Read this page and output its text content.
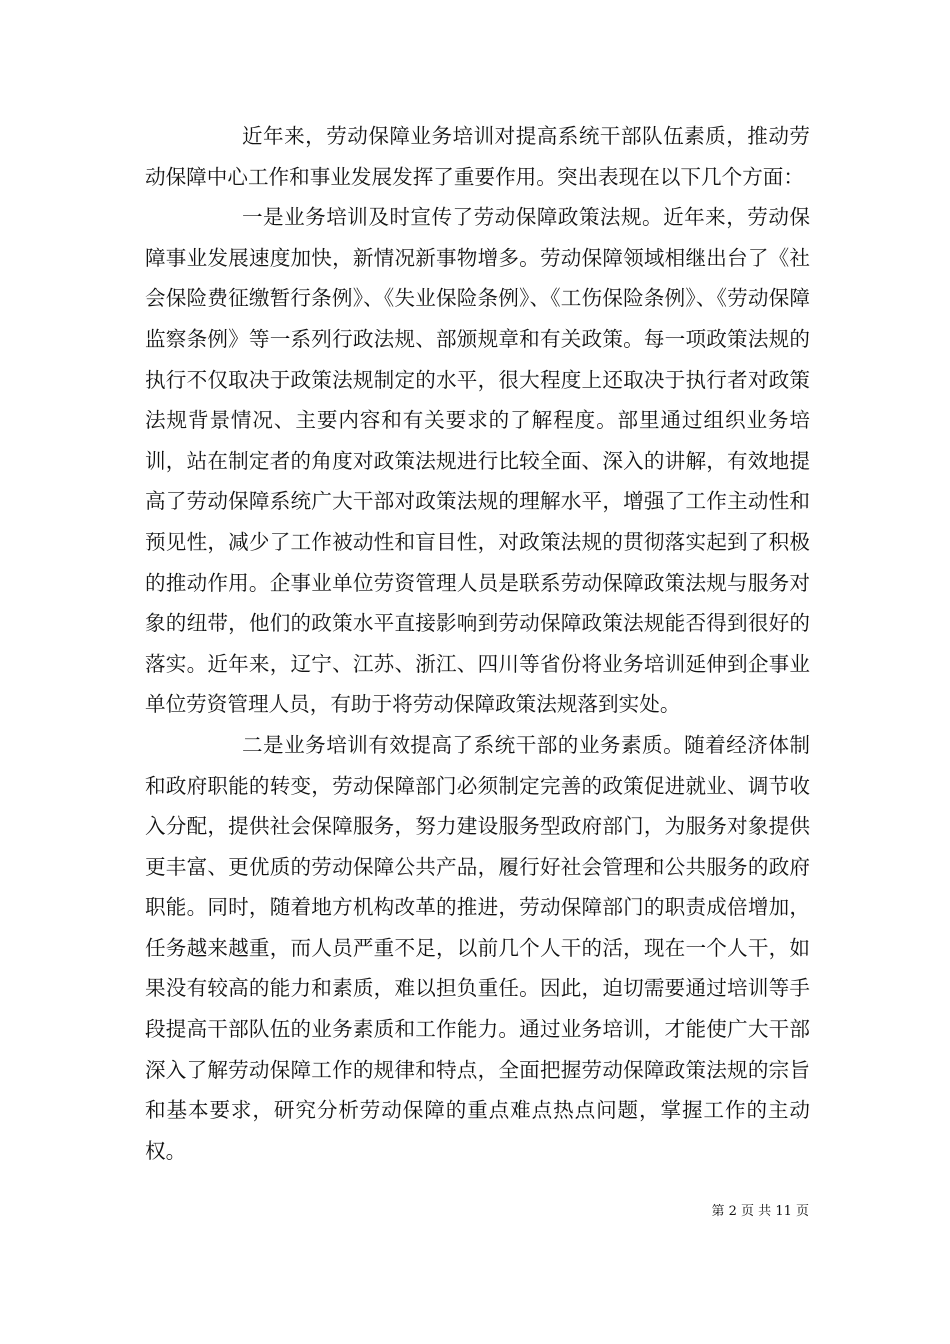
近年来，劳动保障业务培训对提高系统干部队伍素质，推动劳动保障中心工作和事业发展发挥了重要作用。突出表现在以下几个方面：

一是业务培训及时宣传了劳动保障政策法规。近年来，劳动保障事业发展速度加快，新情况新事物增多。劳动保障领域相继出台了《社会保险费征缴暂行条例》、《失业保险条例》、《工伤保险条例》、《劳动保障监察条例》等一系列行政法规、部颁规章和有关政策。每一项政策法规的执行不仅取决于政策法规制定的水平，很大程度上还取决于执行者对政策法规背景情况、主要内容和有关要求的了解程度。部里通过组织业务培训，站在制定者的角度对政策法规进行比较全面、深入的讲解，有效地提高了劳动保障系统广大干部对政策法规的理解水平，增强了工作主动性和预见性，减少了工作被动性和盲目性，对政策法规的贯彻落实起到了积极的推动作用。企事业单位劳资管理人员是联系劳动保障政策法规与服务对象的纽带，他们的政策水平直接影响到劳动保障政策法规能否得到很好的落实。近年来，辽宁、江苏、浙江、四川等省份将业务培训延伸到企事业单位劳资管理人员，有助于将劳动保障政策法规落到实处。

二是业务培训有效提高了系统干部的业务素质。随着经济体制和政府职能的转变，劳动保障部门必须制定完善的政策促进就业、调节收入分配，提供社会保障服务，努力建设服务型政府部门，为服务对象提供更丰富、更优质的劳动保障公共产品，履行好社会管理和公共服务的政府职能。同时，随着地方机构改革的推进，劳动保障部门的职责成倍增加，任务越来越重，而人员严重不足，以前几个人干的活，现在一个人干，如果没有较高的能力和素质，难以担负重任。因此，迫切需要通过培训等手段提高干部队伍的业务素质和工作能力。通过业务培训，才能使广大干部深入了解劳动保障工作的规律和特点，全面把握劳动保障政策法规的宗旨和基本要求，研究分析劳动保障的重点难点热点问题，掌握工作的主动权。

第 2 页 共 11 页
